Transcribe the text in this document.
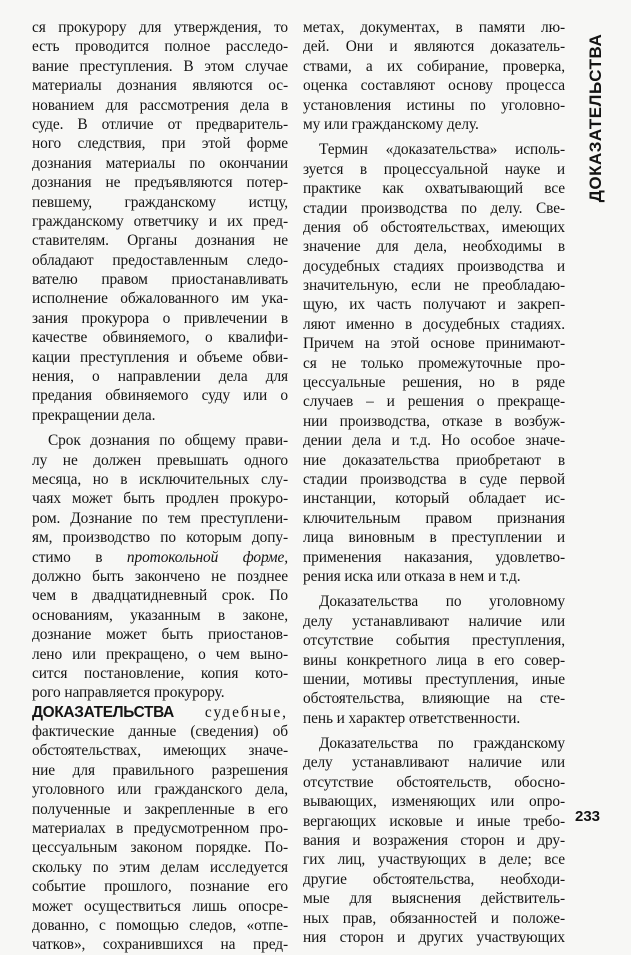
ся прокурору для утверждения, то
есть проводится полное расследо-
вание преступления. В этом случае
материалы дознания являются ос-
нованием для рассмотрения дела в
суде. В отличие от предваритель-
ного следствия, при этой форме
дознания материалы по окончании
дознания не предъявляются потер-
певшему, гражданскому истцу,
гражданскому ответчику и их пред-
ставителям. Органы дознания не
обладают предоставленным следо-
вателю правом приостанавливать
исполнение обжалованного им ука-
зания прокурора о привлечении в
качестве обвиняемого, о квалифи-
кации преступления и объеме обви-
нения, о направлении дела для
предания обвиняемого суду или о
прекращении дела.
Срок дознания по общему прави-
лу не должен превышать одного
месяца, но в исключительных слу-
чаях может быть продлен прокуро-
ром. Дознание по тем преступлени-
ям, производство по которым допу-
стимо в протокольной форме,
должно быть закончено не позднее
чем в двадцатидневный срок. По
основаниям, указанным в законе,
дознание может быть приостанов-
лено или прекращено, о чем выно-
сится постановление, копия кото-
рого направляется прокурору.
ДОКАЗАТЕЛЬСТВА судебные,
фактические данные (сведения) об
обстоятельствах, имеющих значе-
ние для правильного разрешения
уголовного или гражданского дела,
полученные и закрепленные в его
материалах в предусмотренном про-
цессуальным законом порядке. По-
скольку по этим делам исследуется
событие прошлого, познание его
может осуществиться лишь опосре-
дованно, с помощью следов, «отпе-
чатков», сохранившихся на пред-
метах, документах, в памяти лю-
дей. Они и являются доказатель-
ствами, а их собирание, проверка,
оценка составляют основу процесса
установления истины по уголовно-
му или гражданскому делу.
Термин «доказательства» исполь-
зуется в процессуальной науке и
практике как охватывающий все
стадии производства по делу. Све-
дения об обстоятельствах, имеющих
значение для дела, необходимы в
досудебных стадиях производства и
значительную, если не преобладаю-
щую, их часть получают и закреп-
ляют именно в досудебных стадиях.
Причем на этой основе принимают-
ся не только промежуточные про-
цессуальные решения, но в ряде
случаев – и решения о прекраще-
нии производства, отказе в возбуж-
дении дела и т.д. Но особое значе-
ние доказательства приобретают в
стадии производства в суде первой
инстанции, который обладает ис-
ключительным правом признания
лица виновным в преступлении и
применения наказания, удовлетво-
рения иска или отказа в нем и т.д.
Доказательства по уголовному
делу устанавливают наличие или
отсутствие события преступления,
вины конкретного лица в его совер-
шении, мотивы преступления, иные
обстоятельства, влияющие на сте-
пень и характер ответственности.
Доказательства по гражданскому
делу устанавливают наличие или
отсутствие обстоятельств, обосно-
вывающих, изменяющих или опро-
вергающих исковые и иные требо-
вания и возражения сторон и дру-
гих лиц, участвующих в деле; все
другие обстоятельства, необходи-
мые для выяснения действитель-
ных прав, обязанностей и положе-
ния сторон и других участвующих
ДОКАЗАТЕЛЬСТВА
233
